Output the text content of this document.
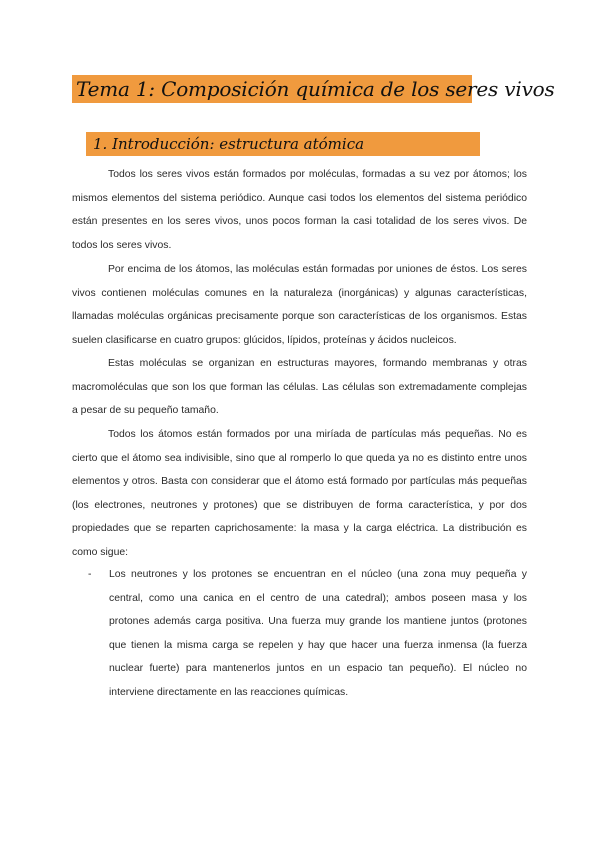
Tema 1: Composición química de los seres vivos
1. Introducción: estructura atómica

Todos los seres vivos están formados por moléculas, formadas a su vez por átomos; los mismos elementos del sistema periódico. Aunque casi todos los elementos del sistema periódico están presentes en los seres vivos, unos pocos forman la casi totalidad de los seres vivos. De todos los seres vivos.

Por encima de los átomos, las moléculas están formadas por uniones de éstos. Los seres vivos contienen moléculas comunes en la naturaleza (inorgánicas) y algunas características, llamadas moléculas orgánicas precisamente porque son características de los organismos. Estas suelen clasificarse en cuatro grupos: glúcidos, lípidos, proteínas y ácidos nucleicos.

Estas moléculas se organizan en estructuras mayores, formando membranas y otras macromoléculas que son los que forman las células. Las células son extremadamente complejas a pesar de su pequeño tamaño.

Todos los átomos están formados por una miríada de partículas más pequeñas. No es cierto que el átomo sea indivisible, sino que al romperlo lo que queda ya no es distinto entre unos elementos y otros. Basta con considerar que el átomo está formado por partículas más pequeñas (los electrones, neutrones y protones) que se distribuyen de forma característica, y por dos propiedades que se reparten caprichosamente: la masa y la carga eléctrica. La distribución es como sigue:

- Los neutrones y los protones se encuentran en el núcleo (una zona muy pequeña y central, como una canica en el centro de una catedral); ambos poseen masa y los protones además carga positiva. Una fuerza muy grande los mantiene juntos (protones que tienen la misma carga se repelen y hay que hacer una fuerza inmensa (la fuerza nuclear fuerte) para mantenerlos juntos en un espacio tan pequeño). El núcleo no interviene directamente en las reacciones químicas.
